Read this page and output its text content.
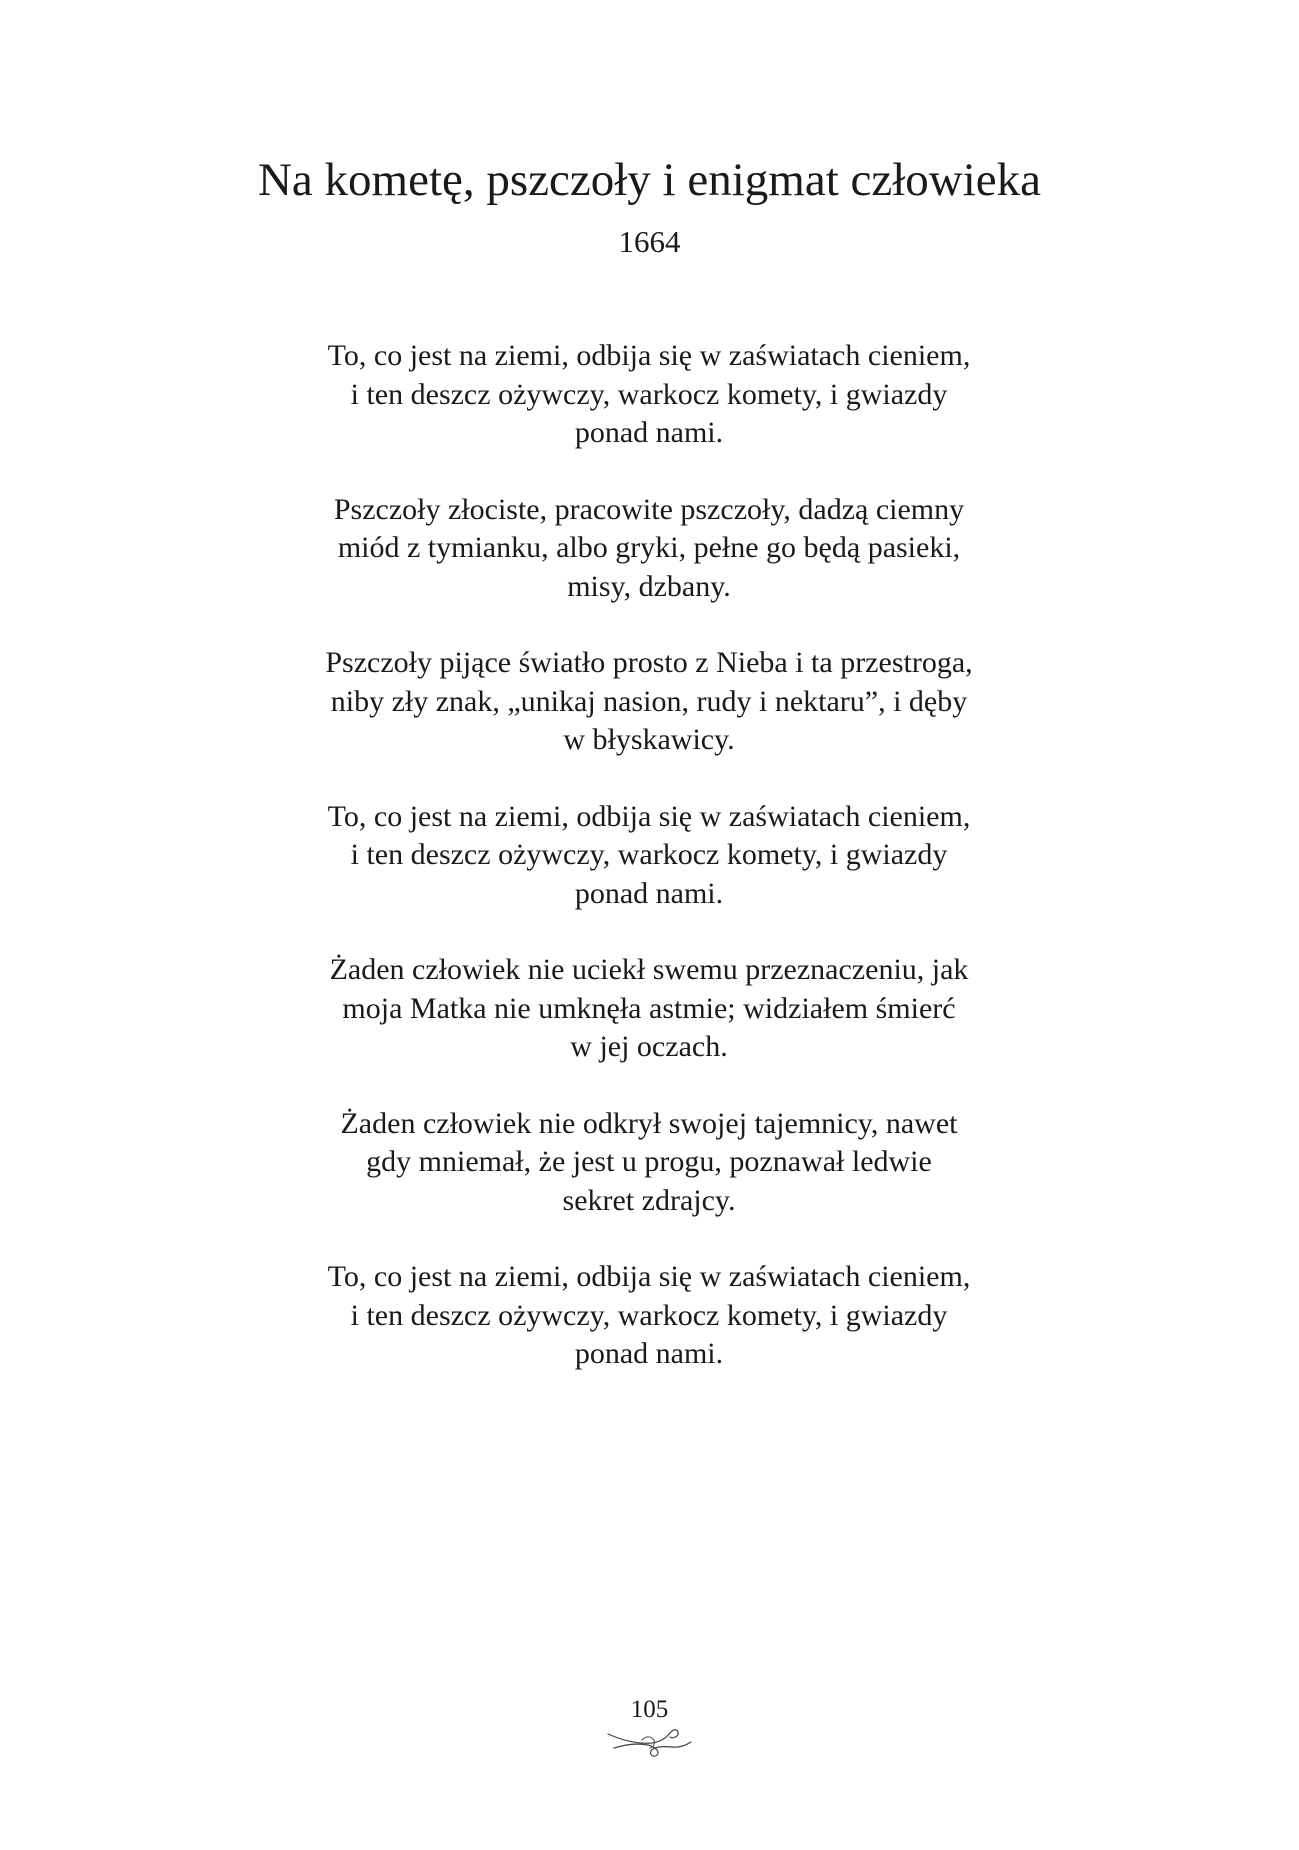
Na kometę, pszczoły i enigmat człowieka
1664
To, co jest na ziemi, odbija się w zaświatach cieniem,
i ten deszcz ożywczy, warkocz komety, i gwiazdy
ponad nami.
Pszczoły złociste, pracowite pszczoły, dadzą ciemny
miód z tymianku, albo gryki, pełne go będą pasieki,
misy, dzbany.
Pszczoły pijące światło prosto z Nieba i ta przestroga,
niby zły znak, „unikaj nasion, rudy i nektaru”, i dęby
w błyskawicy.
To, co jest na ziemi, odbija się w zaświatach cieniem,
i ten deszcz ożywczy, warkocz komety, i gwiazdy
ponad nami.
Żaden człowiek nie uciekł swemu przeznaczeniu, jak
moja Matka nie umknęła astmie; widziałem śmierć
w jej oczach.
Żaden człowiek nie odkrył swojej tajemnicy, nawet
gdy mniemał, że jest u progu, poznawał ledwie
sekret zdrajcy.
To, co jest na ziemi, odbija się w zaświatach cieniem,
i ten deszcz ożywczy, warkocz komety, i gwiazdy
ponad nami.
105
